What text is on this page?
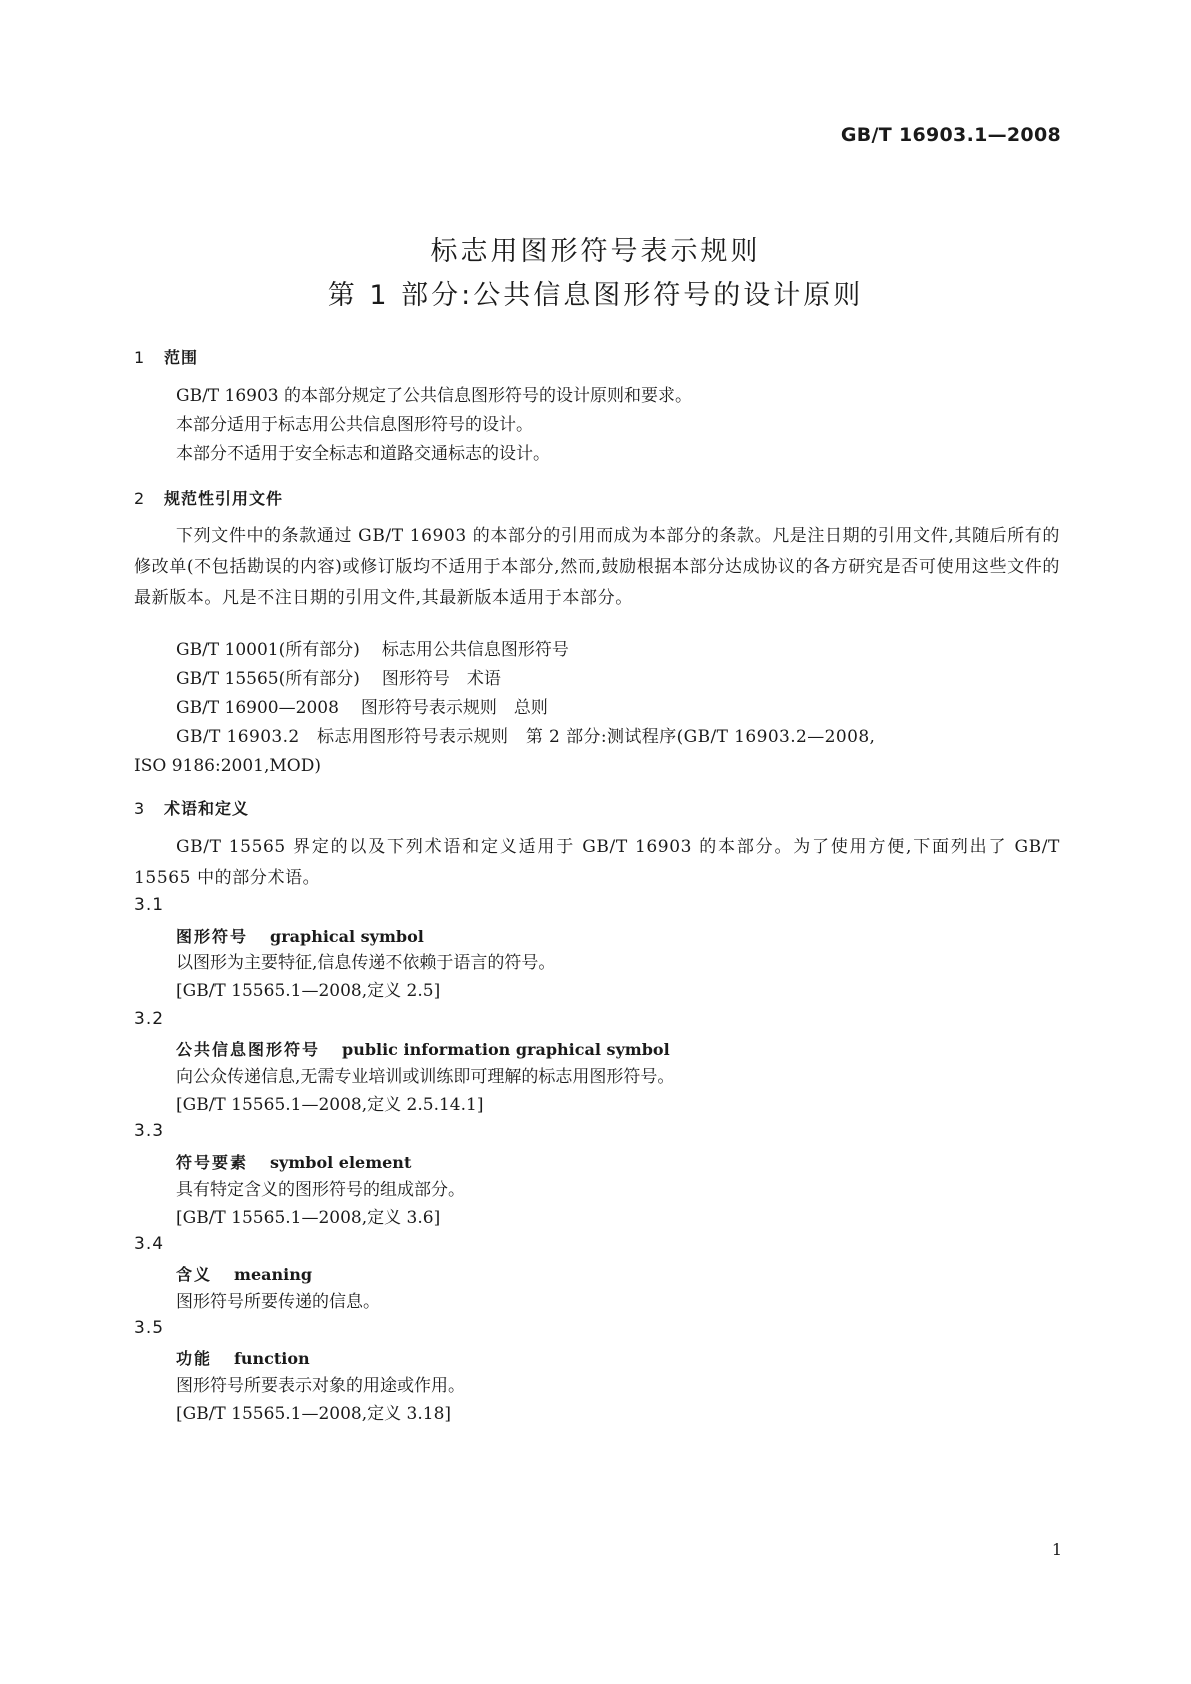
GB/T 16903.1—2008
标志用图形符号表示规则
第 1 部分:公共信息图形符号的设计原则
1 范围
GB/T 16903 的本部分规定了公共信息图形符号的设计原则和要求。
本部分适用于标志用公共信息图形符号的设计。
本部分不适用于安全标志和道路交通标志的设计。
2 规范性引用文件
下列文件中的条款通过 GB/T 16903 的本部分的引用而成为本部分的条款。凡是注日期的引用文件,其随后所有的修改单(不包括勘误的内容)或修订版均不适用于本部分,然而,鼓励根据本部分达成协议的各方研究是否可使用这些文件的最新版本。凡是不注日期的引用文件,其最新版本适用于本部分。
GB/T 10001(所有部分) 标志用公共信息图形符号
GB/T 15565(所有部分) 图形符号　术语
GB/T 16900—2008 图形符号表示规则　总则
GB/T 16903.2　标志用图形符号表示规则　第 2 部分:测试程序(GB/T 16903.2—2008,
ISO 9186:2001,MOD)
3 术语和定义
GB/T 15565 界定的以及下列术语和定义适用于 GB/T 16903 的本部分。为了使用方便,下面列出了 GB/T 15565 中的部分术语。
3.1
图形符号 graphical symbol
以图形为主要特征,信息传递不依赖于语言的符号。
[GB/T 15565.1—2008,定义 2.5]
3.2
公共信息图形符号 public information graphical symbol
向公众传递信息,无需专业培训或训练即可理解的标志用图形符号。
[GB/T 15565.1—2008,定义 2.5.14.1]
3.3
符号要素 symbol element
具有特定含义的图形符号的组成部分。
[GB/T 15565.1—2008,定义 3.6]
3.4
含义 meaning
图形符号所要传递的信息。
3.5
功能 function
图形符号所要表示对象的用途或作用。
[GB/T 15565.1—2008,定义 3.18]
1
